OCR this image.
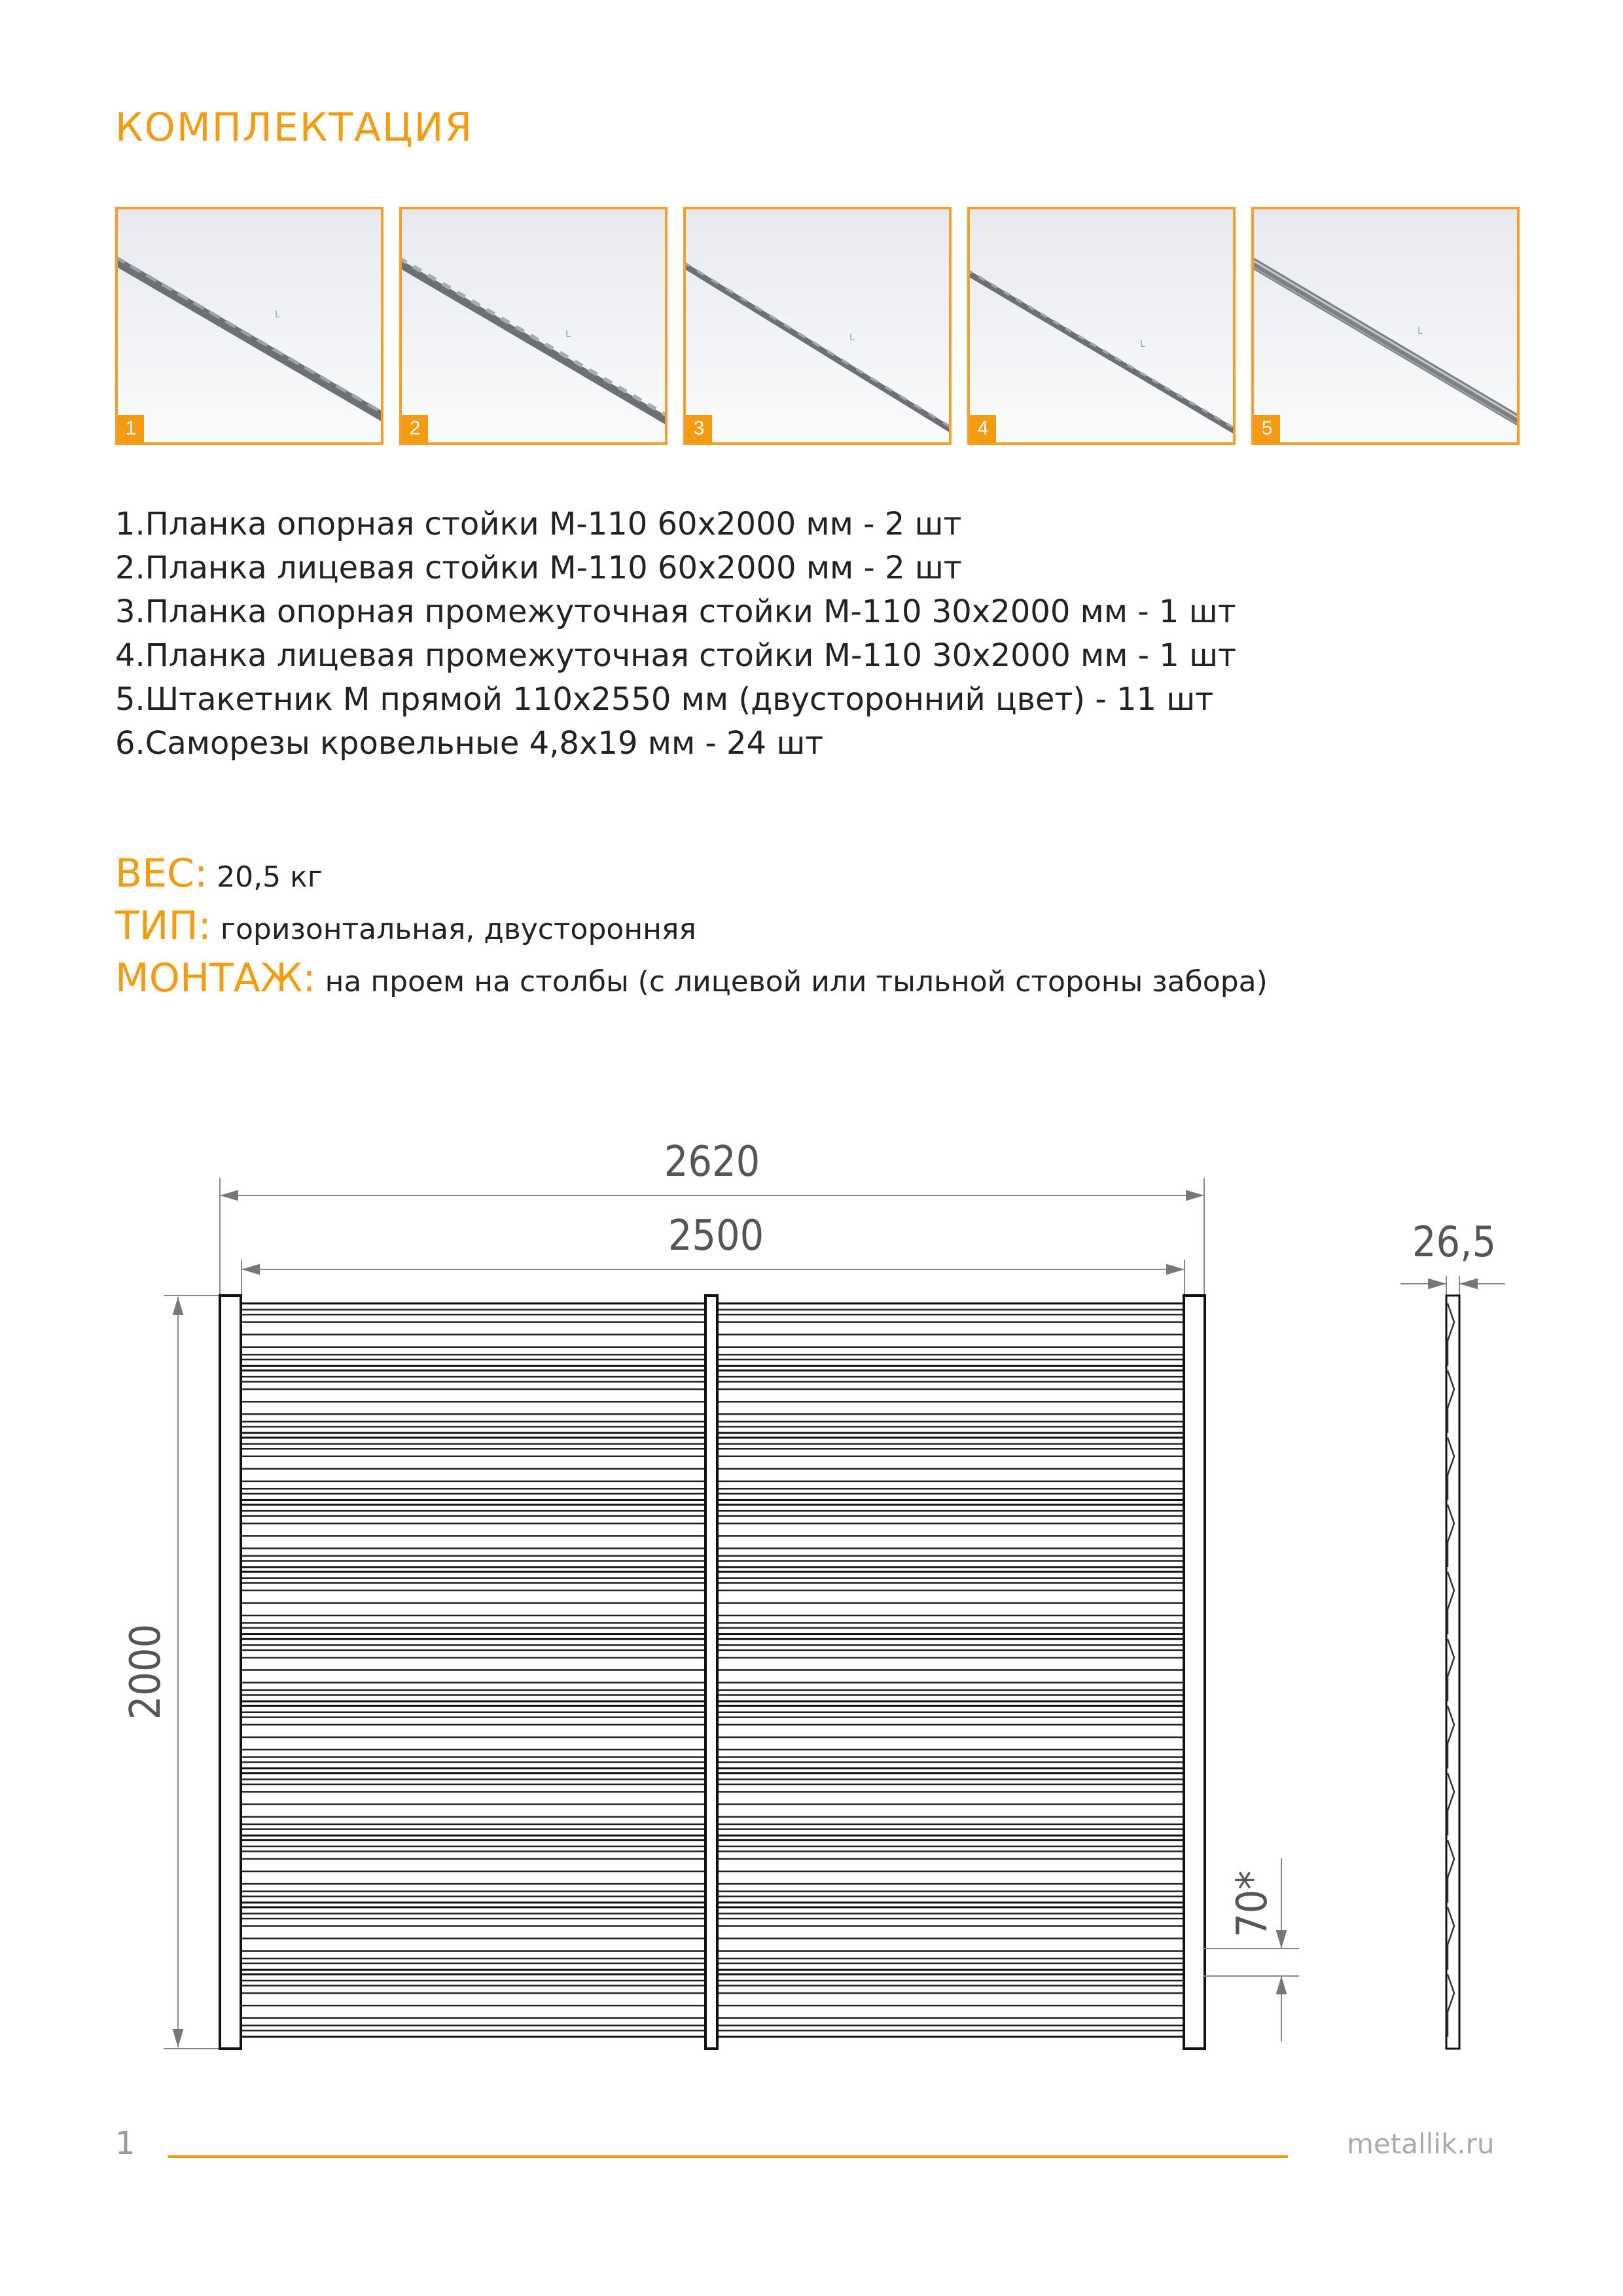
КОМПЛЕКТАЦИЯ
L
1
L
2
L
3
L
4
L
5
1.Планка опорная стойки М-110 60х2000 мм - 2 шт
2.Планка лицевая стойки М-110 60х2000 мм - 2 шт
3.Планка опорная промежуточная стойки М-110 30х2000 мм - 1 шт
4.Планка лицевая промежуточная стойки М-110 30х2000 мм - 1 шт
5.Штакетник М прямой 110х2550 мм (двусторонний цвет) - 11 шт
6.Саморезы кровельные 4,8х19 мм - 24 шт
ВЕС: 20,5 кг
ТИП: горизонтальная, двусторонняя
МОНТАЖ: на проем на столбы (с лицевой или тыльной стороны забора)
2620
2500
2000
70*
26,5
1	metallik.ru
